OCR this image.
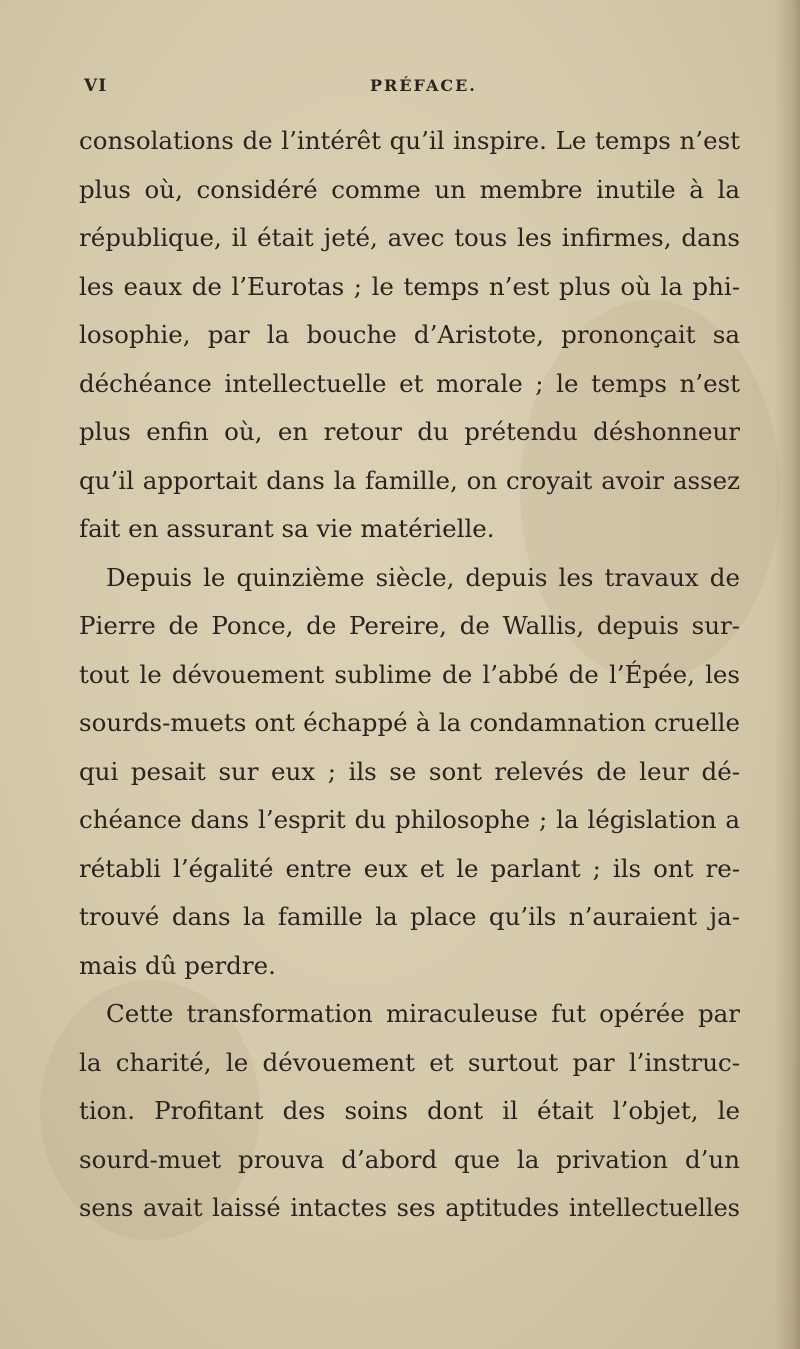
VI	PRÉFACE.
consolations de l’intérêt qu’il inspire. Le temps n’est
plus où, considéré comme un membre inutile à la
république, il était jeté, avec tous les infirmes, dans
les eaux de l’Eurotas ; le temps n’est plus où la phi-
losophie, par la bouche d’Aristote, prononçait sa
déchéance intellectuelle et morale ; le temps n’est
plus enfin où, en retour du prétendu déshonneur
qu’il apportait dans la famille, on croyait avoir assez
fait en assurant sa vie matérielle.
Depuis le quinzième siècle, depuis les travaux de
Pierre de Ponce, de Pereire, de Wallis, depuis sur-
tout le dévouement sublime de l’abbé de l’Épée, les
sourds-muets ont échappé à la condamnation cruelle
qui pesait sur eux ; ils se sont relevés de leur dé-
chéance dans l’esprit du philosophe ; la législation a
rétabli l’égalité entre eux et le parlant ; ils ont re-
trouvé dans la famille la place qu’ils n’auraient ja-
mais dû perdre.
Cette transformation miraculeuse fut opérée par
la charité, le dévouement et surtout par l’instruc-
tion. Profitant des soins dont il était l’objet, le
sourd-muet prouva d’abord que la privation d’un
sens avait laissé intactes ses aptitudes intellectuelles
